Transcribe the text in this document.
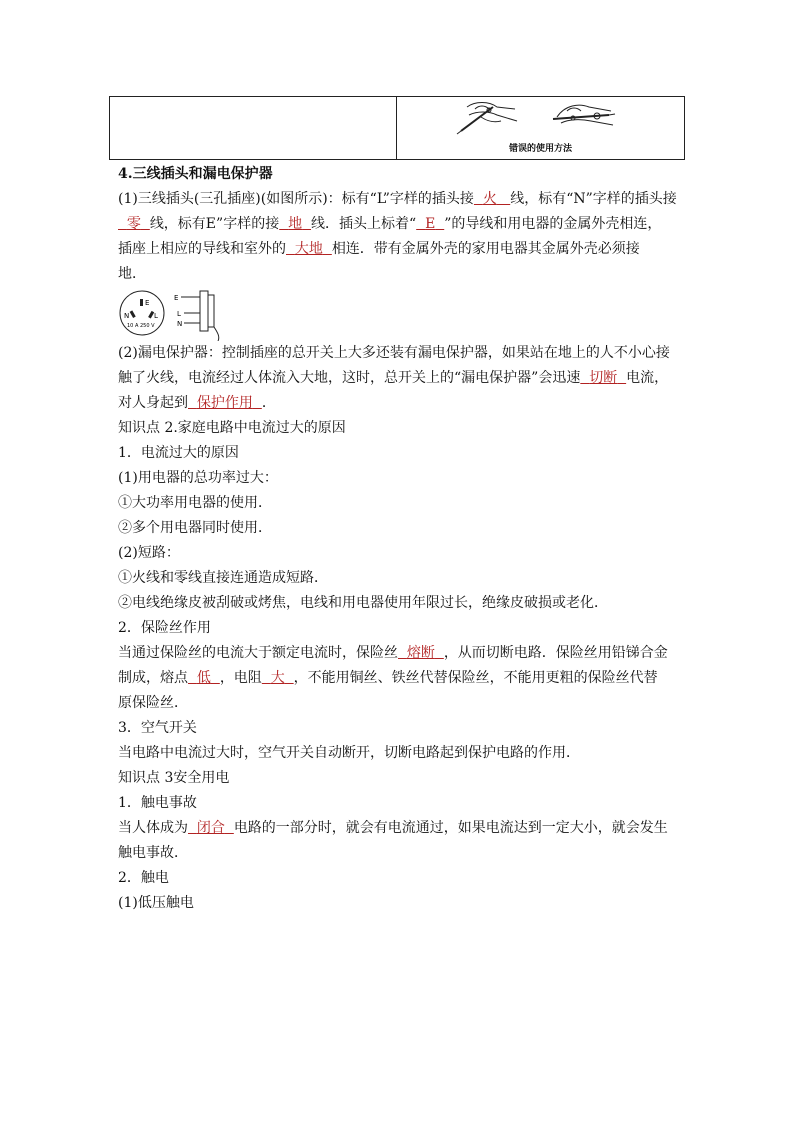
错误的使用方法
4.三线插头和漏电保护器
(1)三线插头(三孔插座)(如图所示)：标有“L”字样的插头接 火 线，标有“N”字样的插头接
零 线，标有E”字样的接 地 线．插头上标着“ E ”的导线和用电器的金属外壳相连，
插座上相应的导线和室外的 大地 相连．带有金属外壳的家用电器其金属外壳必须接
地．
E
N	L
10 A 250 V
E
L
N
(2)漏电保护器：控制插座的总开关上大多还装有漏电保护器，如果站在地上的人不小心接
触了火线，电流经过人体流入大地，这时，总开关上的“漏电保护器”会迅速 切断 电流，
对人身起到 保护作用 ．
知识点 2.家庭电路中电流过大的原因
1．电流过大的原因
(1)用电器的总功率过大：
①大功率用电器的使用．
②多个用电器同时使用．
(2)短路：
①火线和零线直接连通造成短路．
②电线绝缘皮被刮破或烤焦，电线和用电器使用年限过长，绝缘皮破损或老化．
2．保险丝作用
当通过保险丝的电流大于额定电流时，保险丝 熔断 ，从而切断电路．保险丝用铅锑合金
制成，熔点 低 ，电阻 大 ，不能用铜丝、铁丝代替保险丝，不能用更粗的保险丝代替
原保险丝．
3．空气开关
当电路中电流过大时，空气开关自动断开，切断电路起到保护电路的作用．
知识点 3安全用电
1．触电事故
当人体成为 闭合 电路的一部分时，就会有电流通过，如果电流达到一定大小，就会发生
触电事故．
2．触电
(1)低压触电
